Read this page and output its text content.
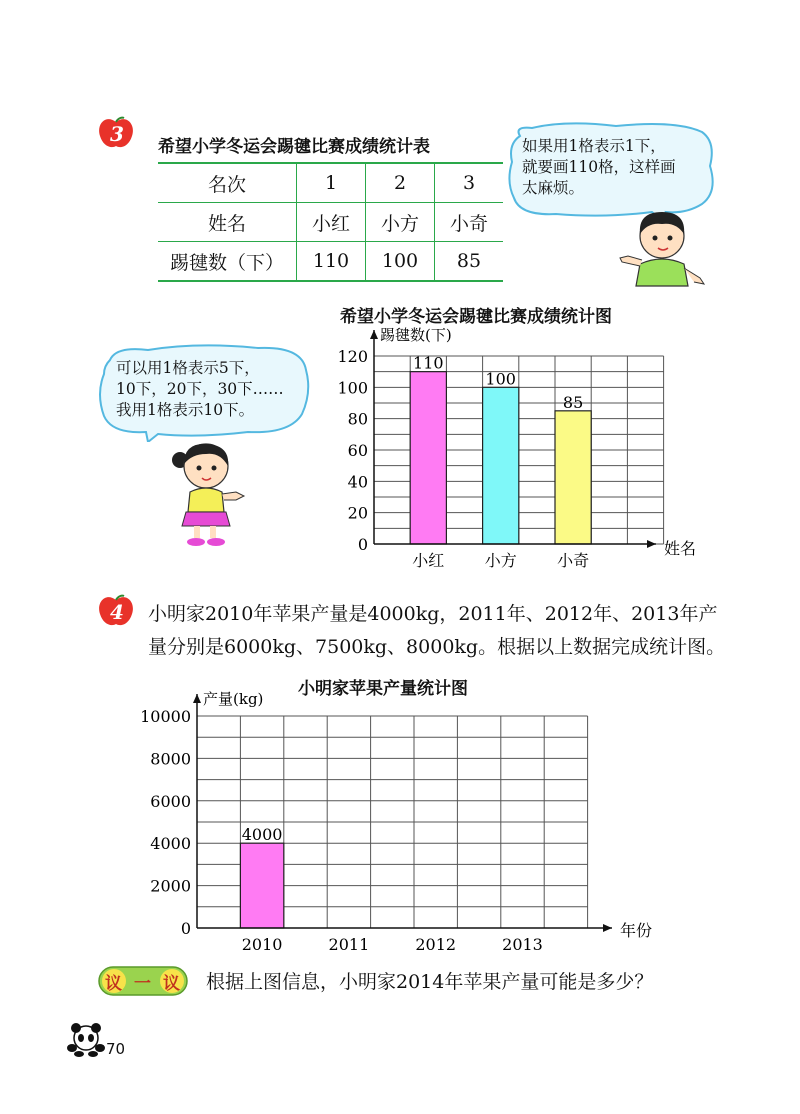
3
希望小学冬运会踢毽比赛成绩统计表
名次	1	2	3
姓名	小红	小方	小奇
踢毽数（下）	110	100	85
如果用1格表示1下，
就要画110格，这样画
太麻烦。
可以用1格表示5下，
10下，20下，30下……
我用1格表示10下。
希望小学冬运会踢毽比赛成绩统计图
110
100
85
0
20
40
60
80
100
120
小红	小方	小奇
踢毽数(下)
姓名
4 小明家2010年苹果产量是4000kg，2011年、2012年、2013年产
量分别是6000kg、7500kg、8000kg。根据以上数据完成统计图。
小明家苹果产量统计图
4000
0
2000
4000
6000
8000
10000
2010	2011	2012	2013
产量(kg)
年份
议 一 议 根据上图信息，小明家2014年苹果产量可能是多少？
70
